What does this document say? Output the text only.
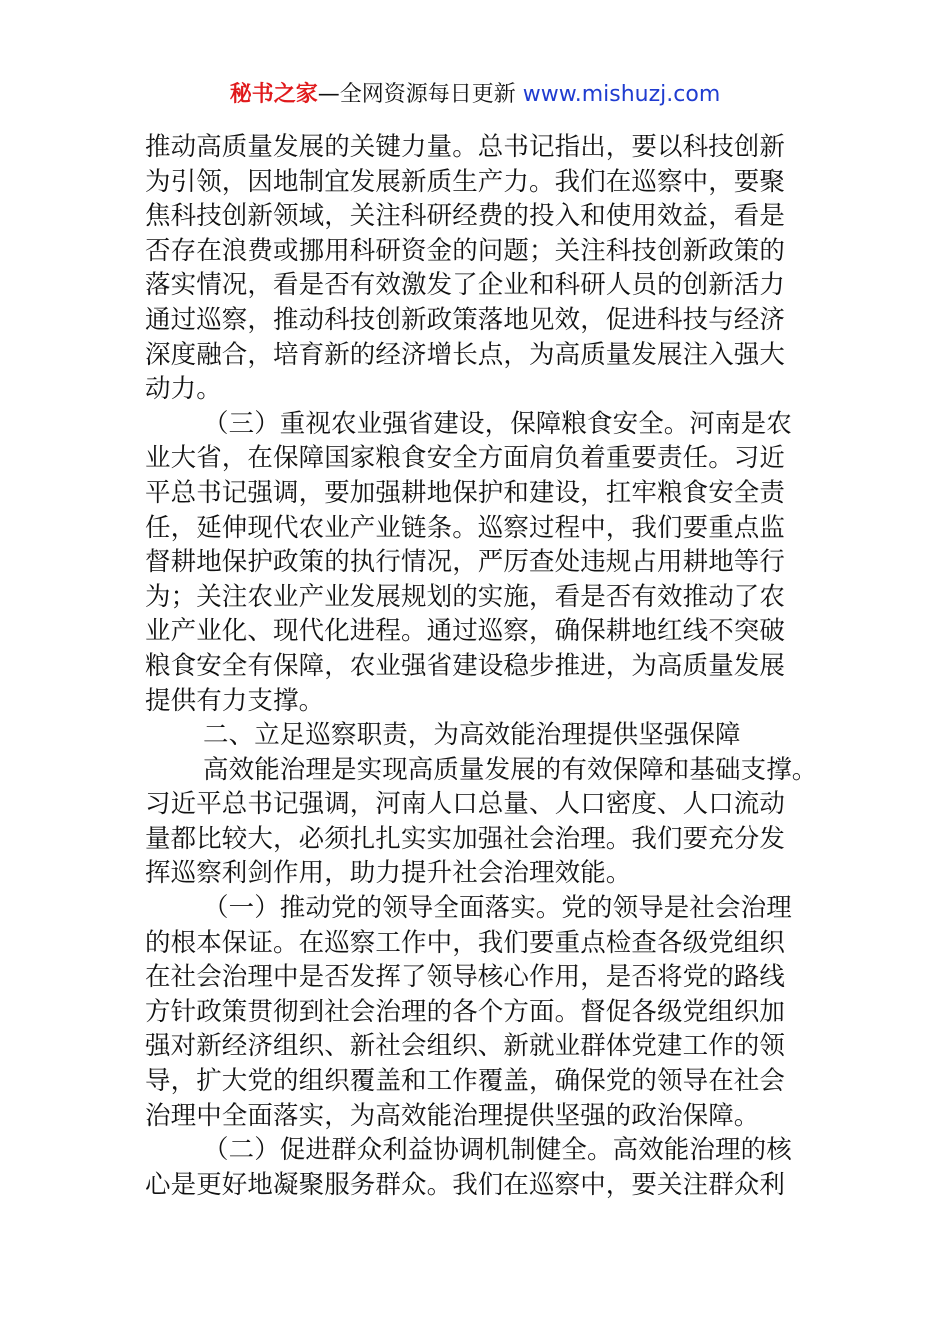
秘书之家—全网资源每日更新 www.mishuzj.com
推动高质量发展的关键力量。总书记指出，要以科技创新
为引领，因地制宜发展新质生产力。我们在巡察中，要聚
焦科技创新领域，关注科研经费的投入和使用效益，看是
否存在浪费或挪用科研资金的问题；关注科技创新政策的
落实情况，看是否有效激发了企业和科研人员的创新活力
通过巡察，推动科技创新政策落地见效，促进科技与经济
深度融合，培育新的经济增长点，为高质量发展注入强大
动力。
（三）重视农业强省建设，保障粮食安全。河南是农
业大省，在保障国家粮食安全方面肩负着重要责任。习近
平总书记强调，要加强耕地保护和建设，扛牢粮食安全责
任，延伸现代农业产业链条。巡察过程中，我们要重点监
督耕地保护政策的执行情况，严厉查处违规占用耕地等行
为；关注农业产业发展规划的实施，看是否有效推动了农
业产业化、现代化进程。通过巡察，确保耕地红线不突破
粮食安全有保障，农业强省建设稳步推进，为高质量发展
提供有力支撑。
二、立足巡察职责，为高效能治理提供坚强保障
高效能治理是实现高质量发展的有效保障和基础支撑。
习近平总书记强调，河南人口总量、人口密度、人口流动
量都比较大，必须扎扎实实加强社会治理。我们要充分发
挥巡察利剑作用，助力提升社会治理效能。
（一）推动党的领导全面落实。党的领导是社会治理
的根本保证。在巡察工作中，我们要重点检查各级党组织
在社会治理中是否发挥了领导核心作用，是否将党的路线
方针政策贯彻到社会治理的各个方面。督促各级党组织加
强对新经济组织、新社会组织、新就业群体党建工作的领
导，扩大党的组织覆盖和工作覆盖，确保党的领导在社会
治理中全面落实，为高效能治理提供坚强的政治保障。
（二）促进群众利益协调机制健全。高效能治理的核
心是更好地凝聚服务群众。我们在巡察中，要关注群众利
